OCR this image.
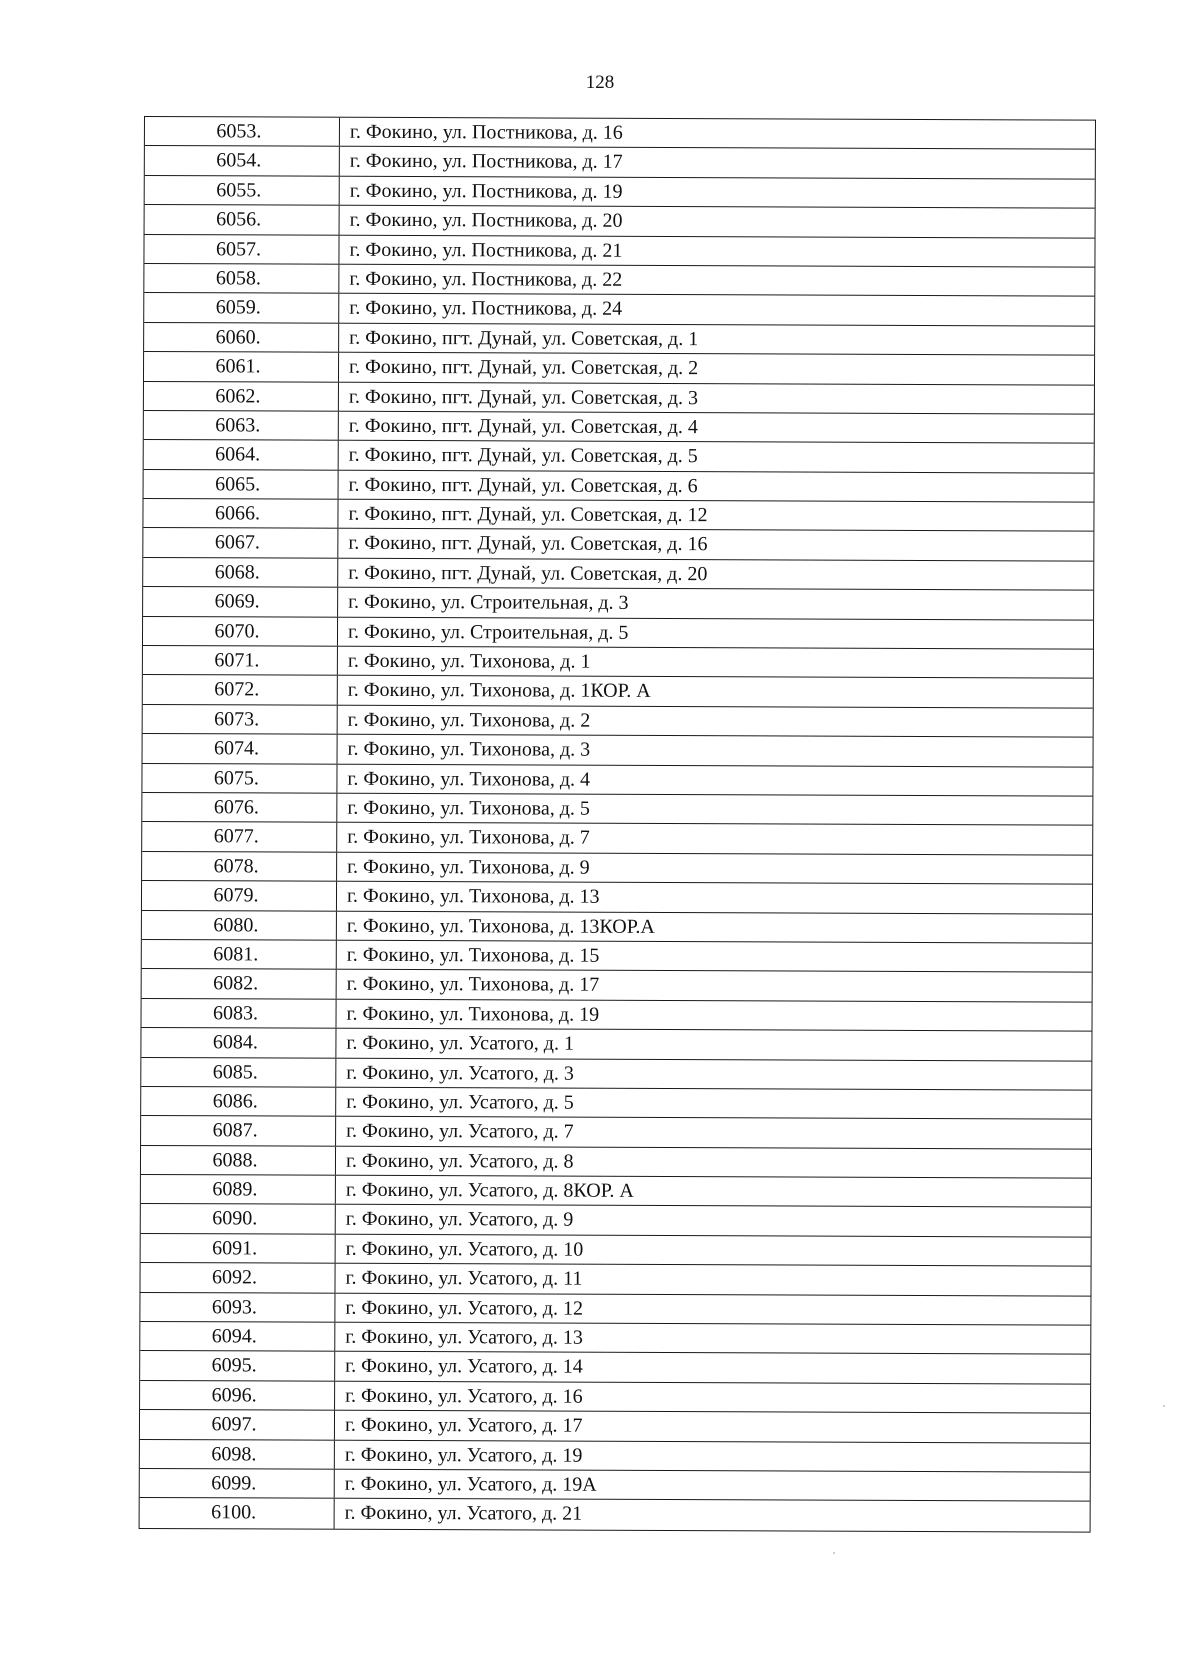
128
6053.	г. Фокино, ул. Постникова, д. 16
6054.	г. Фокино, ул. Постникова, д. 17
6055.	г. Фокино, ул. Постникова, д. 19
6056.	г. Фокино, ул. Постникова, д. 20
6057.	г. Фокино, ул. Постникова, д. 21
6058.	г. Фокино, ул. Постникова, д. 22
6059.	г. Фокино, ул. Постникова, д. 24
6060.	г. Фокино, пгт. Дунай, ул. Советская, д. 1
6061.	г. Фокино, пгт. Дунай, ул. Советская, д. 2
6062.	г. Фокино, пгт. Дунай, ул. Советская, д. 3
6063.	г. Фокино, пгт. Дунай, ул. Советская, д. 4
6064.	г. Фокино, пгт. Дунай, ул. Советская, д. 5
6065.	г. Фокино, пгт. Дунай, ул. Советская, д. 6
6066.	г. Фокино, пгт. Дунай, ул. Советская, д. 12
6067.	г. Фокино, пгт. Дунай, ул. Советская, д. 16
6068.	г. Фокино, пгт. Дунай, ул. Советская, д. 20
6069.	г. Фокино, ул. Строительная, д. 3
6070.	г. Фокино, ул. Строительная, д. 5
6071.	г. Фокино, ул. Тихонова, д. 1
6072.	г. Фокино, ул. Тихонова, д. 1КОР. А
6073.	г. Фокино, ул. Тихонова, д. 2
6074.	г. Фокино, ул. Тихонова, д. 3
6075.	г. Фокино, ул. Тихонова, д. 4
6076.	г. Фокино, ул. Тихонова, д. 5
6077.	г. Фокино, ул. Тихонова, д. 7
6078.	г. Фокино, ул. Тихонова, д. 9
6079.	г. Фокино, ул. Тихонова, д. 13
6080.	г. Фокино, ул. Тихонова, д. 13КОР.А
6081.	г. Фокино, ул. Тихонова, д. 15
6082.	г. Фокино, ул. Тихонова, д. 17
6083.	г. Фокино, ул. Тихонова, д. 19
6084.	г. Фокино, ул. Усатого, д. 1
6085.	г. Фокино, ул. Усатого, д. 3
6086.	г. Фокино, ул. Усатого, д. 5
6087.	г. Фокино, ул. Усатого, д. 7
6088.	г. Фокино, ул. Усатого, д. 8
6089.	г. Фокино, ул. Усатого, д. 8КОР. А
6090.	г. Фокино, ул. Усатого, д. 9
6091.	г. Фокино, ул. Усатого, д. 10
6092.	г. Фокино, ул. Усатого, д. 11
6093.	г. Фокино, ул. Усатого, д. 12
6094.	г. Фокино, ул. Усатого, д. 13
6095.	г. Фокино, ул. Усатого, д. 14
6096.	г. Фокино, ул. Усатого, д. 16
6097.	г. Фокино, ул. Усатого, д. 17
6098.	г. Фокино, ул. Усатого, д. 19
6099.	г. Фокино, ул. Усатого, д. 19А
6100.	г. Фокино, ул. Усатого, д. 21
